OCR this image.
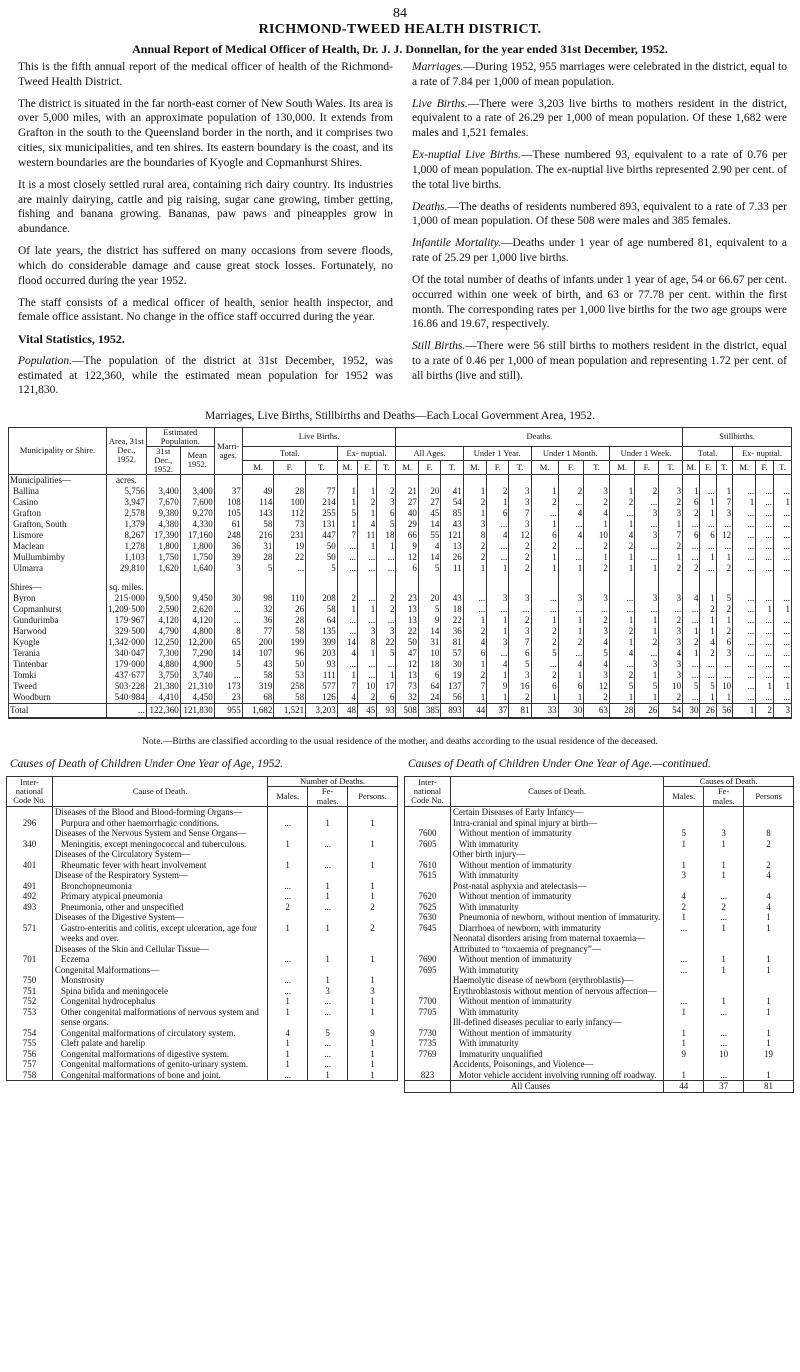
84
RICHMOND-TWEED HEALTH DISTRICT.
Annual Report of Medical Officer of Health, Dr. J. J. Donnellan, for the year ended 31st December, 1952.

This is the fifth annual report of the medical officer of health of the Richmond-Tweed Health District.

The district is situated in the far north-east corner of New South Wales. Its area is over 5,000 miles, with an approximate population of 130,000. It extends from Grafton in the south to the Queensland border in the north, and it comprises two cities, six municipalities, and ten shires. Its eastern boundary is the coast, and its western boundaries are the boundaries of Kyogle and Copmanhurst Shires.

It is a most closely settled rural area, containing rich dairy country. Its industries are mainly dairying, cattle and pig raising, sugar cane growing, timber getting, fishing and banana growing. Bananas, paw paws and pineapples grow in abundance.

Of late years, the district has suffered on many occasions from severe floods, which do considerable damage and cause great stock losses. Fortunately, no flood occurred during the year 1952.

The staff consists of a medical officer of health, senior health inspector, and female office assistant. No change in the office staff occurred during the year.

Vital Statistics, 1952.

Population.—The population of the district at 31st December, 1952, was estimated at 122,360, while the estimated mean population for 1952 was 121,830.

Marriages.—During 1952, 955 marriages were celebrated in the district, equal to a rate of 7.84 per 1,000 of mean population.

Live Births.—There were 3,203 live births to mothers resident in the district, equivalent to a rate of 26.29 per 1,000 of mean population. Of these 1,682 were males and 1,521 females.

Ex-nuptial Live Births.—These numbered 93, equivalent to a rate of 0.76 per 1,000 of mean population. The ex-nuptial live births represented 2.90 per cent. of the total live births.

Deaths.—The deaths of residents numbered 893, equivalent to a rate of 7.33 per 1,000 of mean population. Of these 508 were males and 385 females.

Infantile Mortality.—Deaths under 1 year of age numbered 81, equivalent to a rate of 25.29 per 1,000 live births.

Of the total number of deaths of infants under 1 year of age, 54 or 66.67 per cent. occurred within one week of birth, and 63 or 77.78 per cent. within the first month. The corresponding rates per 1,000 live births for the two age groups were 16.86 and 19.67, respectively.

Still Births.—There were 56 still births to mothers resident in the district, equal to a rate of 0.46 per 1,000 of mean population and representing 1.72 per cent. of all births (live and still).

Marriages, Live Births, Stillbirths and Deaths—Each Local Government Area, 1952.
Municipality or Shire.	Area, 31st Dec., 1952.	Estimated Population.		Marri- ages.	Live Births.						Deaths.												Stillbirths.					
		31st Dec., 1952.	Mean 1952.		Total.			Ex- nuptial.			All Ages.			Under 1 Year.			Under 1 Month.			Under 1 Week.			Total.			Ex- nuptial.		
					M.	F.	T.	M.	F.	T.	M.	F.	T.	M.	F.	T.	M.	F.	T.	M.	F.	T.	M.	F.	T.	M.	F.	T.
Municipalities—	acres.																											
Ballina	5,756	3,400	3,400	37	49	28	77	1	1	2	21	20	41	1	2	3	1	2	3	1	2	3	1	...	1	...	...	...
Casino	3,947	7,670	7,600	108	114	100	214	1	2	3	27	27	54	2	1	3	2	...	2	2	...	2	6	1	7	1	...	1
Grafton	2,578	9,380	9,270	105	143	112	255	5	1	6	40	45	85	1	6	7	...	4	4	...	3	3	2	1	3	...	...	...
Grafton, South	1,379	4,380	4,330	61	58	73	131	1	4	5	29	14	43	3	...	3	1	...	1	1	...	1	...	...	...	...	...	...
Lismore	8,267	17,390	17,160	248	216	231	447	7	11	18	66	55	121	8	4	12	6	4	10	4	3	7	6	6	12	...	...	...
Maclean	1,278	1,800	1,800	36	31	19	50	...	1	1	9	4	13	2	...	2	2	...	2	2	...	2	...	...	...	...	...	...
Mullumbimby	1,103	1,750	1,750	39	28	22	50	...	...	...	12	14	26	2	...	2	1	...	1	1	...	1	...	1	1	...	...	...
Ulmarra	29,810	1,620	1,640	3	5	...	5	...	...	...	6	5	11	1	1	2	1	1	2	1	1	2	2	...	2	...	...	...

Shires—	sq. miles.																											
Byron	215·000	9,500	9,450	30	98	110	208	2	...	2	23	20	43	...	3	3	...	3	3	...	3	3	4	1	5	...	...	...
Copmanhurst	1,209·500	2,590	2,620	...	32	26	58	1	1	2	13	5	18	...	...	...	...	...	...	...	...	...	...	2	2	...	1	1
Gundurimba	179·967	4,120	4,120	...	36	28	64	...	...	...	13	9	22	1	1	2	1	1	2	1	1	2	...	1	1	...	...	...
Harwood	329·500	4,790	4,800	8	77	58	135	...	3	3	22	14	36	2	1	3	2	1	3	2	1	3	1	1	2	...	...	...
Kyogle	1,342·000	12,250	12,200	65	200	199	399	14	8	22	50	31	81	4	3	7	2	2	4	1	2	3	2	4	6	...	...	...
Terania	340·047	7,300	7,290	14	107	96	203	4	1	5	47	10	57	6	...	6	5	...	5	4	...	4	1	2	3	...	...	...
Tintenbar	179·000	4,880	4,900	5	43	50	93	...	...	...	12	18	30	1	4	5	...	4	4	...	3	3	...	...	...	...	...	...
Tomki	437·677	3,750	3,740	...	58	53	111	1	...	1	13	6	19	2	1	3	2	1	3	2	1	3	...	...	...	...	...	...
Tweed	503·228	21,380	21,310	173	319	258	577	7	10	17	73	64	137	7	9	16	6	6	12	5	5	10	5	5	10	...	1	1
Woodburn	540·984	4,410	4,450	23	68	58	126	4	2	6	32	24	56	1	1	2	1	1	2	1	1	2	...	1	1	...	...	...
Total	...	122,360	121,830	955	1,682	1,521	3,203	48	45	93	508	385	893	44	37	81	33	30	63	28	26	54	30	26	56	1	2	3
Note.—Births are classified according to the usual residence of the mother, and deaths according to the usual residence of the deceased.
Causes of Death of Children Under One Year of Age, 1952.	Causes of Death of Children Under One Year of Age.—continued.
Inter- national Code No.	Cause of Death.	Number of Deaths.		
		Males.	Fe- males.	Persons.
	Diseases of the Blood and Blood-forming Organs—			
296	Purpura and other haemorrhagic conditions.	...	1	1
	Diseases of the Nervous System and Sense Organs—			
340	Meningitis, except meningococcal and tuberculous.	1	...	1
	Diseases of the Circulatory System—			
401	Rheumatic fever with heart involvement	1	...	1
	Disease of the Respiratory System—			
491	Bronchopneumonia	...	1	1
492	Primary atypical pneumonia	...	1	1
493	Pneumonia, other and unspecified	2	...	2
	Diseases of the Digestive System—			
571	Gastro-enteritis and colitis, except ulceration, age four weeks and over.	1	1	2
	Diseases of the Skin and Cellular Tissue—			
701	Eczema	...	1	1
	Congenital Malformations—			
750	Monstrosity	...	1	1
751	Spina bifida and meningocele	...	3	3
752	Congenital hydrocephalus	1	...	1
753	Other congenital malformations of nervous system and sense organs.	1	...	1
754	Congenital malformations of circulatory system.	4	5	9
755	Cleft palate and harelip	1	...	1
756	Congenital malformations of digestive system.	1	...	1
757	Congenital malformations of genito-urinary system.	1	...	1
758	Congenital malformations of bone and joint.	...	1	1
Inter- national Code No.	Causes of Death.	Causes of Death.		
		Males.	Fe- males.	Persons
	Certain Diseases of Early Infancy—			
	Intra-cranial and spinal injury at birth—			
7600	Without mention of immaturity	5	3	8
7605	With immaturity	1	1	2
	Other birth injury—			
7610	Without mention of immaturity	1	1	2
7615	With immaturity	3	1	4
	Post-natal asphyxia and atelectasis—			
7620	Without mention of immaturity	4	...	4
7625	With immaturity	2	2	4
7630	Pneumonia of newborn, without mention of immaturity.	1	...	1
7645	Diarrhoea of newborn, with immaturity	...	1	1
	Neonatal disorders arising from maternal toxaemia—			
	Attributed to “toxaemia of pregnancy”—			
7690	Without mention of immaturity	...	1	1
7695	With immaturity	...	1	1
	Haemolytic disease of newborn (erythroblastis)—			
	Erythroblastosis without mention of nervous affection—			
7700	Without mention of immaturity	...	1	1
7705	With immaturity	1	...	1
	Ill-defined diseases peculiar to early infancy—			
7730	Without mention of immaturity	1	...	1
7735	With immaturity	1	...	1
7769	Immaturity unqualified	9	10	19
	Accidents, Poisonings, and Violence—			
823	Motor vehicle accident involving running off roadway.	1	...	1
	All Causes	44	37	81
